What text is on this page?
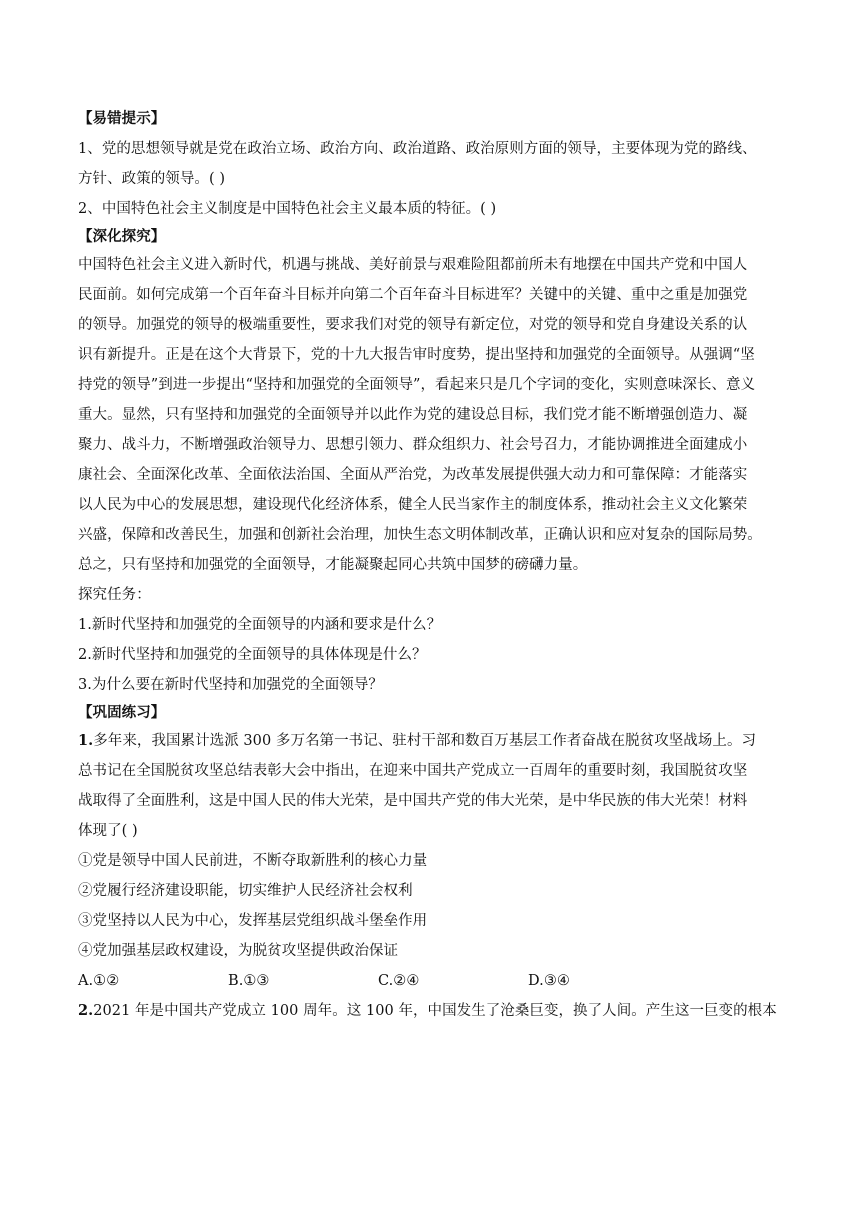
【易错提示】
1、党的思想领导就是党在政治立场、政治方向、政治道路、政治原则方面的领导，主要体现为党的路线、
方针、政策的领导。( )
2、中国特色社会主义制度是中国特色社会主义最本质的特征。( )
【深化探究】
中国特色社会主义进入新时代，机遇与挑战、美好前景与艰难险阻都前所未有地摆在中国共产党和中国人
民面前。如何完成第一个百年奋斗目标并向第二个百年奋斗目标进军？关键中的关键、重中之重是加强党
的领导。加强党的领导的极端重要性，要求我们对党的领导有新定位，对党的领导和党自身建设关系的认
识有新提升。正是在这个大背景下，党的十九大报告审时度势，提出坚持和加强党的全面领导。从强调“坚
持党的领导”到进一步提出“坚持和加强党的全面领导”，看起来只是几个字词的变化，实则意味深长、意义
重大。显然，只有坚持和加强党的全面领导并以此作为党的建设总目标，我们党才能不断增强创造力、凝
聚力、战斗力，不断增强政治领导力、思想引领力、群众组织力、社会号召力，才能协调推进全面建成小
康社会、全面深化改革、全面依法治国、全面从严治党，为改革发展提供强大动力和可靠保障：才能落实
以人民为中心的发展思想，建设现代化经济体系，健全人民当家作主的制度体系，推动社会主义文化繁荣
兴盛，保障和改善民生，加强和创新社会治理，加快生态文明体制改革，正确认识和应对复杂的国际局势。
总之，只有坚持和加强党的全面领导，才能凝聚起同心共筑中国梦的磅礴力量。
探究任务：
1.新时代坚持和加强党的全面领导的内涵和要求是什么？
2.新时代坚持和加强党的全面领导的具体体现是什么？
3.为什么要在新时代坚持和加强党的全面领导？
【巩固练习】
1.多年来，我国累计选派 300 多万名第一书记、驻村干部和数百万基层工作者奋战在脱贫攻坚战场上。习
总书记在全国脱贫攻坚总结表彰大会中指出，在迎来中国共产党成立一百周年的重要时刻，我国脱贫攻坚
战取得了全面胜利，这是中国人民的伟大光荣，是中国共产党的伟大光荣，是中华民族的伟大光荣！材料
体现了( )
①党是领导中国人民前进，不断夺取新胜利的核心力量
②党履行经济建设职能，切实维护人民经济社会权利
③党坚持以人民为中心，发挥基层党组织战斗堡垒作用
④党加强基层政权建设，为脱贫攻坚提供政治保证
A.①②	B.①③	C.②④	D.③④
2.2021 年是中国共产党成立 100 周年。这 100 年，中国发生了沧桑巨变，换了人间。产生这一巨变的根本
